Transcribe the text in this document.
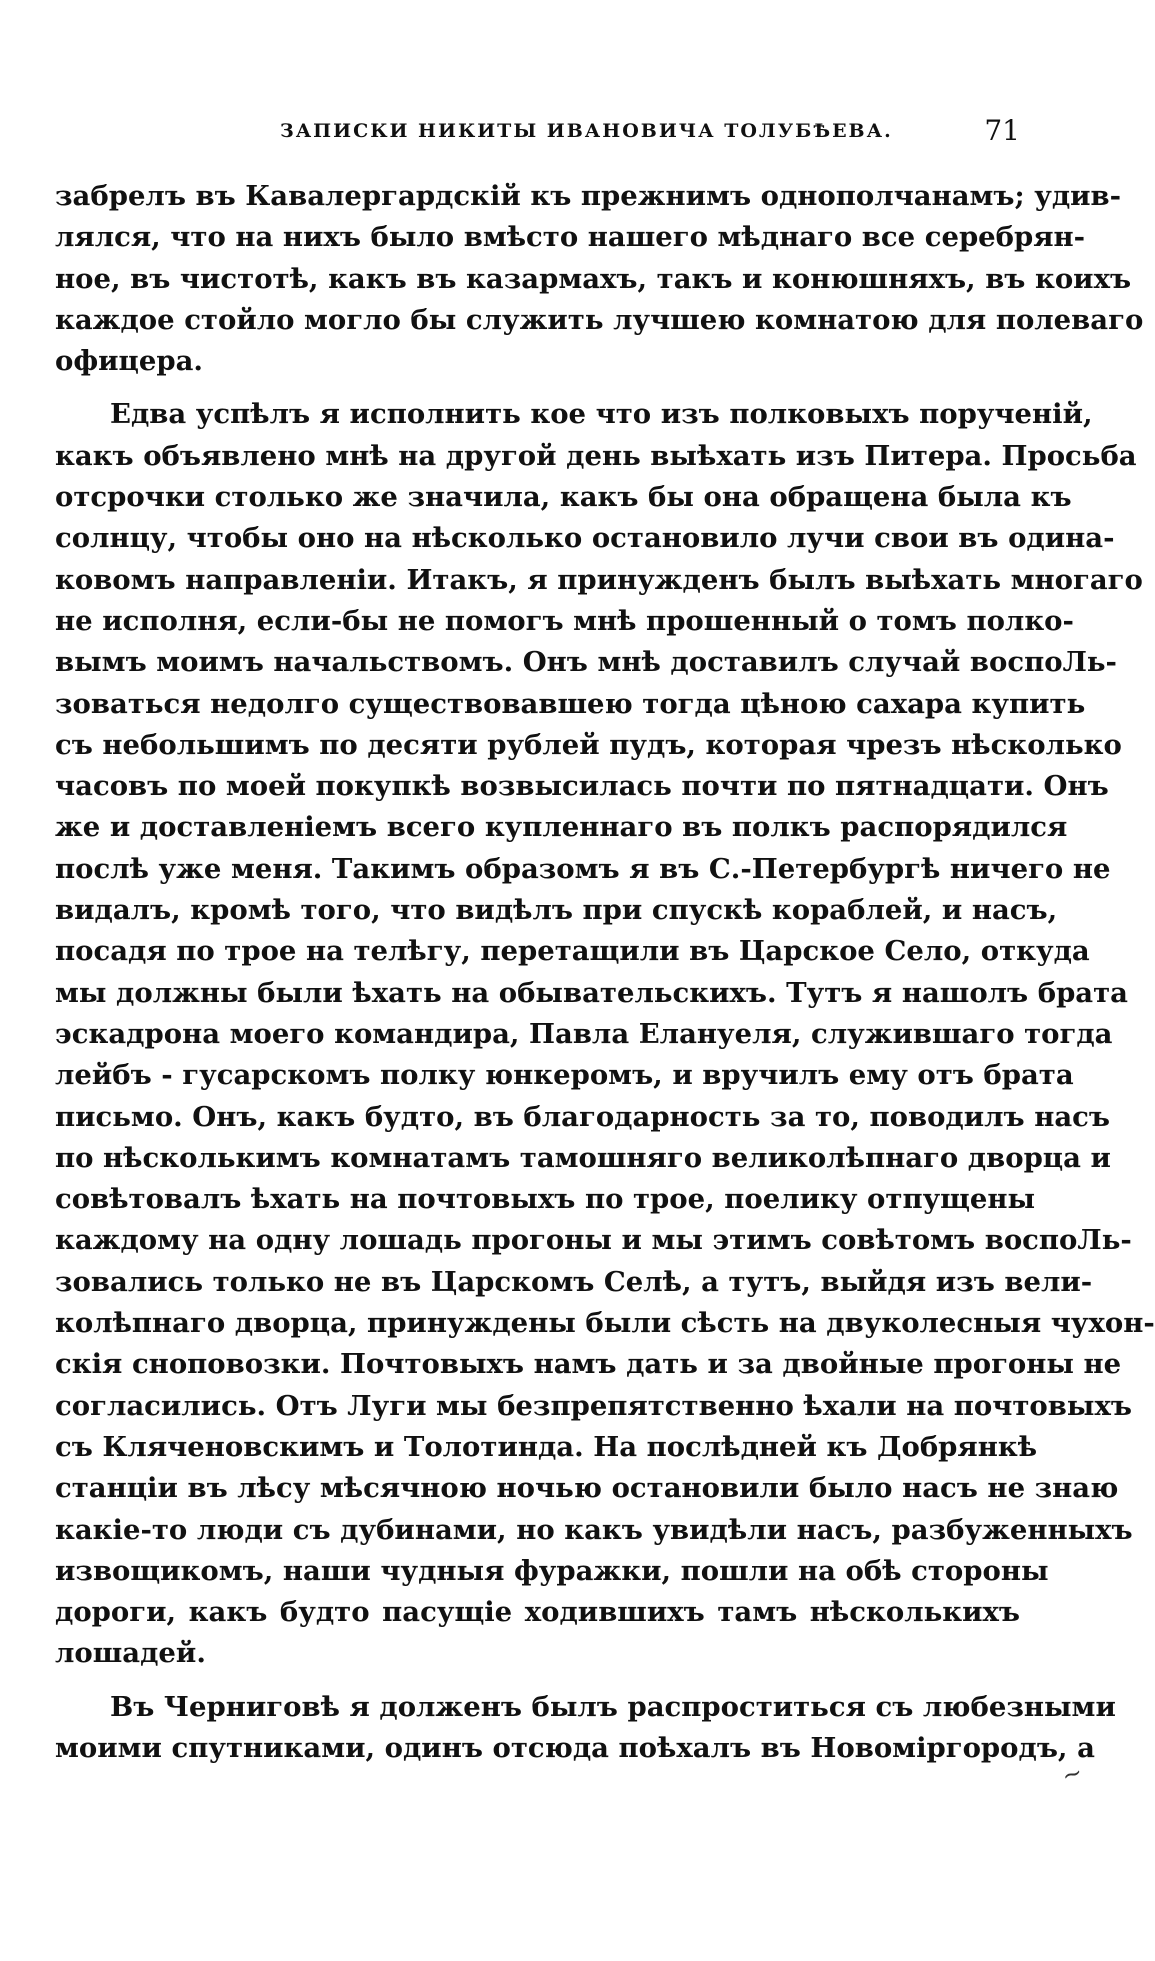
ЗАПИСКИ НИКИТЫ ИВАНОВИЧА ТОЛУБѢЕВА.	71
забрелъ въ Кавалергардскій къ прежнимъ однополчанамъ; удив-
лялся, что на нихъ было вмѣсто нашего мѣднаго все серебрян-
ное, въ чистотѣ, какъ въ казармахъ, такъ и конюшняхъ, въ коихъ
каждое стойло могло бы служить лучшею комнатою для полеваго
офицера.
Едва успѣлъ я исполнить кое что изъ полковыхъ порученій,
какъ объявлено мнѣ на другой день выѣхать изъ Питера. Просьба
отсрочки столько же значила, какъ бы она обращена была къ
солнцу, чтобы оно на нѣсколько остановило лучи свои въ одина-
ковомъ направленіи. Итакъ, я принужденъ былъ выѣхать многаго
не исполня, если-бы не помогъ мнѣ прошенный о томъ полко-
вымъ моимъ начальствомъ. Онъ мнѣ доставилъ случай воспоЛь-
зоваться недолго существовавшею тогда цѣною сахара купить
съ небольшимъ по десяти рублей пудъ, которая чрезъ нѣсколько
часовъ по моей покупкѣ возвысилась почти по пятнадцати. Онъ
же и доставленіемъ всего купленнаго въ полкъ распорядился
послѣ уже меня. Такимъ образомъ я въ С.-Петербургѣ ничего не
видалъ, кромѣ того, что видѣлъ при спускѣ кораблей, и насъ,
посадя по трое на телѣгу, перетащили въ Царское Село, откуда
мы должны были ѣхать на обывательскихъ. Тутъ я нашолъ брата
эскадрона моего командира, Павла Елануеля, служившаго тогда
лейбъ - гусарскомъ полку юнкеромъ, и вручилъ ему отъ брата
письмо. Онъ, какъ будто, въ благодарность за то, поводилъ насъ
по нѣсколькимъ комнатамъ тамошняго великолѣпнаго дворца и
совѣтовалъ ѣхать на почтовыхъ по трое, поелику отпущены
каждому на одну лошадь прогоны и мы этимъ совѣтомъ воспоЛь-
зовались только не въ Царскомъ Селѣ, а тутъ, выйдя изъ вели-
колѣпнаго дворца, принуждены были сѣсть на двуколесныя чухон-
скія сноповозки. Почтовыхъ намъ дать и за двойные прогоны не
согласились. Отъ Луги мы безпрепятственно ѣхали на почтовыхъ
съ Кляченовскимъ и Толотинда. На послѣдней къ Добрянкѣ
станціи въ лѣсу мѣсячною ночью остановили было насъ не знаю
какіе-то люди съ дубинами, но какъ увидѣли насъ, разбуженныхъ
извощикомъ, наши чудныя фуражки, пошли на обѣ стороны
дороги, какъ будто пасущіе ходившихъ тамъ нѣсколькихъ
лошадей.
Въ Черниговѣ я долженъ былъ распроститься съ любезными
моими спутниками, одинъ отсюда поѣхалъ въ Новоміргородъ, а
~
